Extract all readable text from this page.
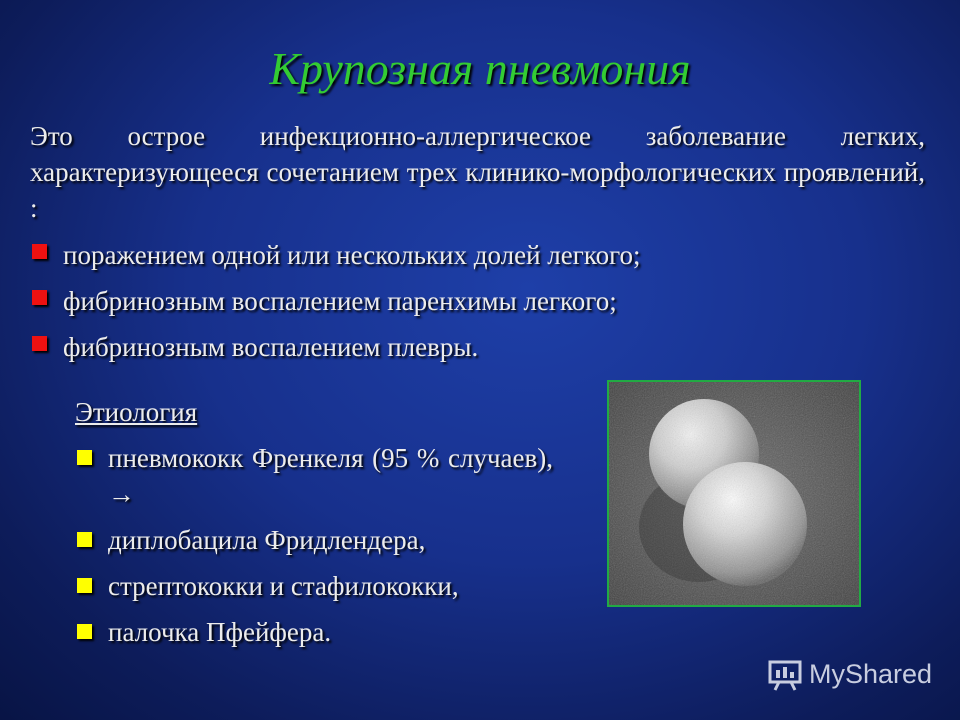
Крупозная пневмония
Это острое инфекционно-аллергическое заболевание легких, характеризующееся сочетанием трех клинико-морфологических проявлений, :
поражением одной или нескольких долей легкого;
фибринозным воспалением паренхимы легкого;
фибринозным воспалением плевры.
Этиология
пневмококк Френкеля (95 % случаев), →
диплобацила Фридлендера,
стрептококки и стафилококки,
палочка Пфейфера.
MyShared
